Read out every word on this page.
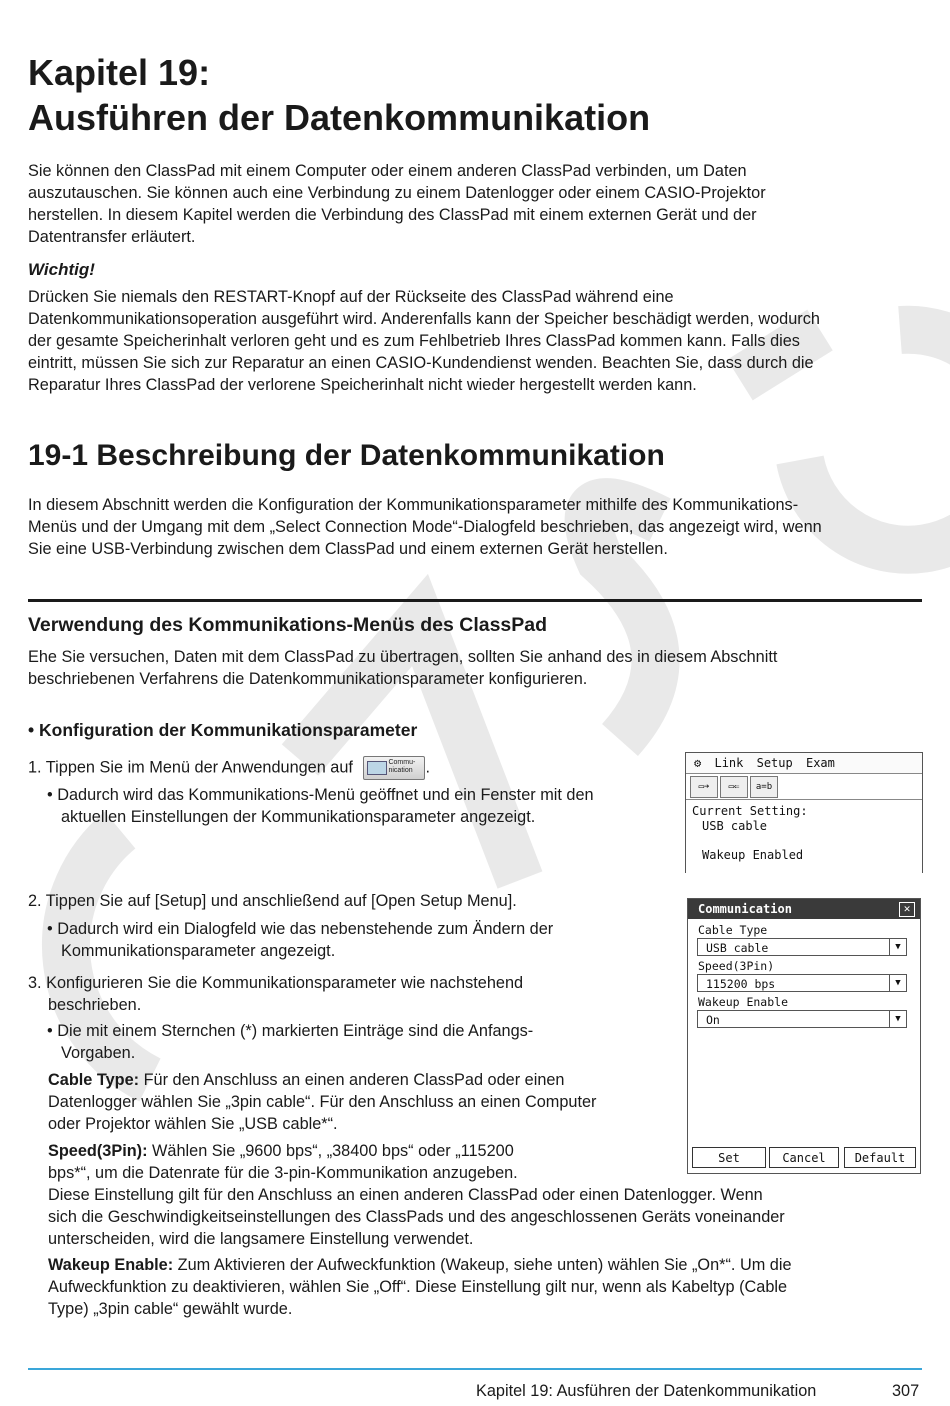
Kapitel 19:
Ausführen der Datenkommunikation
Sie können den ClassPad mit einem Computer oder einem anderen ClassPad verbinden, um Daten
auszutauschen. Sie können auch eine Verbindung zu einem Datenlogger oder einem CASIO-Projektor
herstellen. In diesem Kapitel werden die Verbindung des ClassPad mit einem externen Gerät und der
Datentransfer erläutert.
Wichtig!
Drücken Sie niemals den RESTART-Knopf auf der Rückseite des ClassPad während eine
Datenkommunikationsoperation ausgeführt wird. Anderenfalls kann der Speicher beschädigt werden, wodurch
der gesamte Speicherinhalt verloren geht und es zum Fehlbetrieb Ihres ClassPad kommen kann. Falls dies
eintritt, müssen Sie sich zur Reparatur an einen CASIO-Kundendienst wenden. Beachten Sie, dass durch die
Reparatur Ihres ClassPad der verlorene Speicherinhalt nicht wieder hergestellt werden kann.
19-1 Beschreibung der Datenkommunikation
In diesem Abschnitt werden die Konfiguration der Kommunikationsparameter mithilfe des Kommunikations-
Menüs und der Umgang mit dem „Select Connection Mode“-Dialogfeld beschrieben, das angezeigt wird, wenn
Sie eine USB-Verbindung zwischen dem ClassPad und einem externen Gerät herstellen.
Verwendung des Kommunikations-Menüs des ClassPad
Ehe Sie versuchen, Daten mit dem ClassPad zu übertragen, sollten Sie anhand des in diesem Abschnitt
beschriebenen Verfahrens die Datenkommunikationsparameter konfigurieren.
• Konfiguration der Kommunikationsparameter
1. Tippen Sie im Menü der Anwendungen auf	Commu-
nication .
• Dadurch wird das Kommunikations-Menü geöffnet und ein Fenster mit den
aktuellen Einstellungen der Kommunikationsparameter angezeigt.
⚙ Link Setup Exam
▭➔	▭⇐	a=b
Current Setting:
USB cable
Wakeup Enabled
2. Tippen Sie auf [Setup] und anschließend auf [Open Setup Menu].
• Dadurch wird ein Dialogfeld wie das nebenstehende zum Ändern der
Kommunikationsparameter angezeigt.
3. Konfigurieren Sie die Kommunikationsparameter wie nachstehend
beschrieben.
• Die mit einem Sternchen (*) markierten Einträge sind die Anfangs-
Vorgaben.
Cable Type: Für den Anschluss an einen anderen ClassPad oder einen
Datenlogger wählen Sie „3pin cable“. Für den Anschluss an einen Computer
oder Projektor wählen Sie „USB cable*“.
Speed(3Pin): Wählen Sie „9600 bps“, „38400 bps“ oder „115200
bps*“, um die Datenrate für die 3-pin-Kommunikation anzugeben.
Diese Einstellung gilt für den Anschluss an einen anderen ClassPad oder einen Datenlogger. Wenn
sich die Geschwindigkeitseinstellungen des ClassPads und des angeschlossenen Geräts voneinander
unterscheiden, wird die langsamere Einstellung verwendet.
Wakeup Enable: Zum Aktivieren der Aufweckfunktion (Wakeup, siehe unten) wählen Sie „On*“. Um die
Aufweckfunktion zu deaktivieren, wählen Sie „Off“. Diese Einstellung gilt nur, wenn als Kabeltyp (Cable
Type) „3pin cable“ gewählt wurde.
Communication	✕
Cable Type
USB cable	▼
Speed(3Pin)
115200 bps	▼
Wakeup Enable
On	▼
Set	Cancel	Default
Kapitel 19: Ausführen der Datenkommunikation	307
